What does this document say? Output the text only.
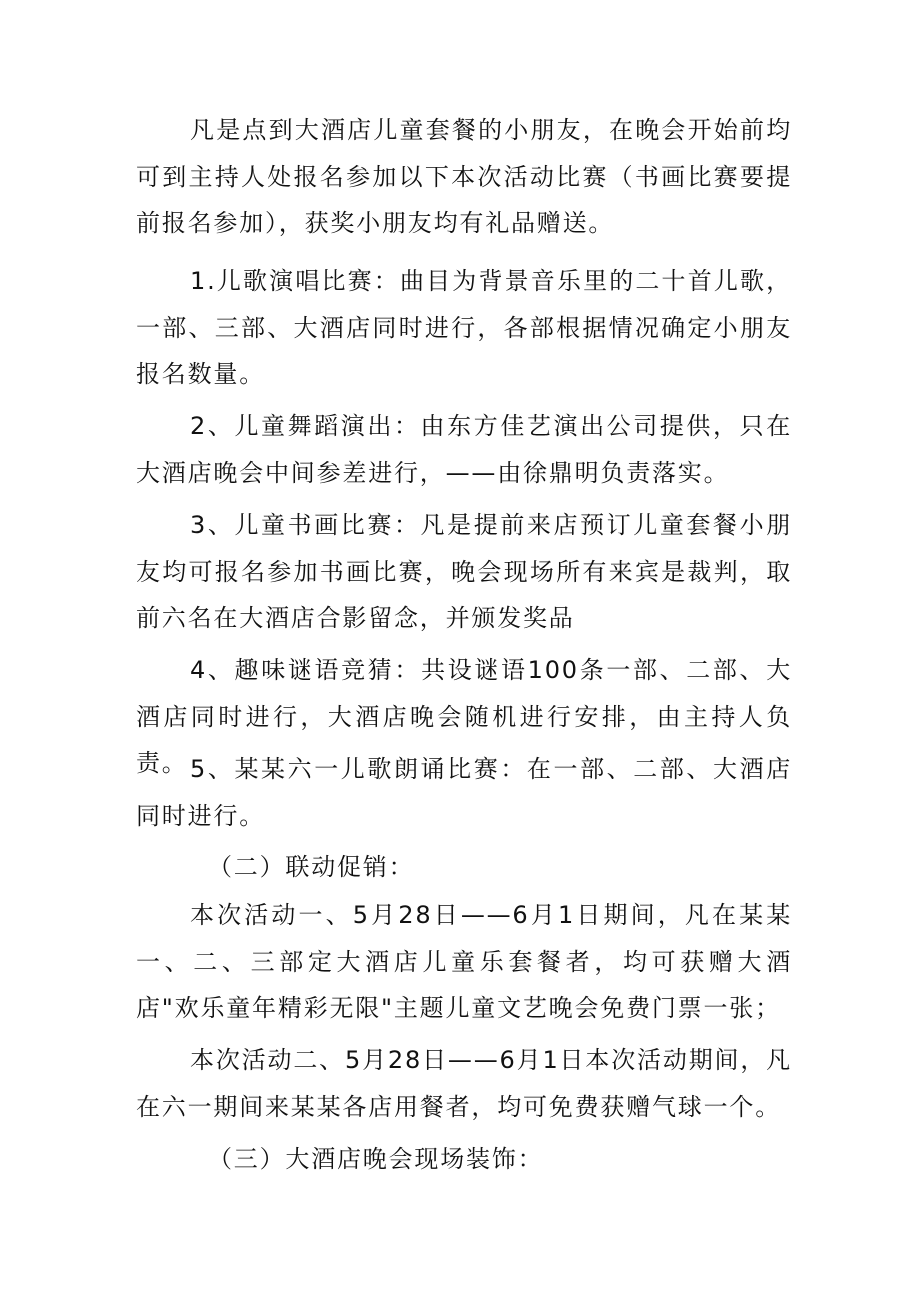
凡是点到大酒店儿童套餐的小朋友，在晚会开始前均可到主持人处报名参加以下本次活动比赛（书画比赛要提前报名参加），获奖小朋友均有礼品赠送。

1.儿歌演唱比赛：曲目为背景音乐里的二十首儿歌，一部、三部、大酒店同时进行，各部根据情况确定小朋友报名数量。

2、儿童舞蹈演出：由东方佳艺演出公司提供，只在大酒店晚会中间参差进行，——由徐鼎明负责落实。

3、儿童书画比赛：凡是提前来店预订儿童套餐小朋友均可报名参加书画比赛，晚会现场所有来宾是裁判，取前六名在大酒店合影留念，并颁发奖品

4、趣味谜语竞猜：共设谜语100条一部、二部、大酒店同时进行，大酒店晚会随机进行安排，由主持人负责。 5、某某六一儿歌朗诵比赛：在一部、二部、大酒店同时进行。

（二）联动促销：

本次活动一、5月28日——6月1日期间，凡在某某一、二、三部定大酒店儿童乐套餐者，均可获赠大酒店"欢乐童年精彩无限"主题儿童文艺晚会免费门票一张；

本次活动二、5月28日——6月1日本次活动期间，凡在六一期间来某某各店用餐者，均可免费获赠气球一个。

（三）大酒店晚会现场装饰：
